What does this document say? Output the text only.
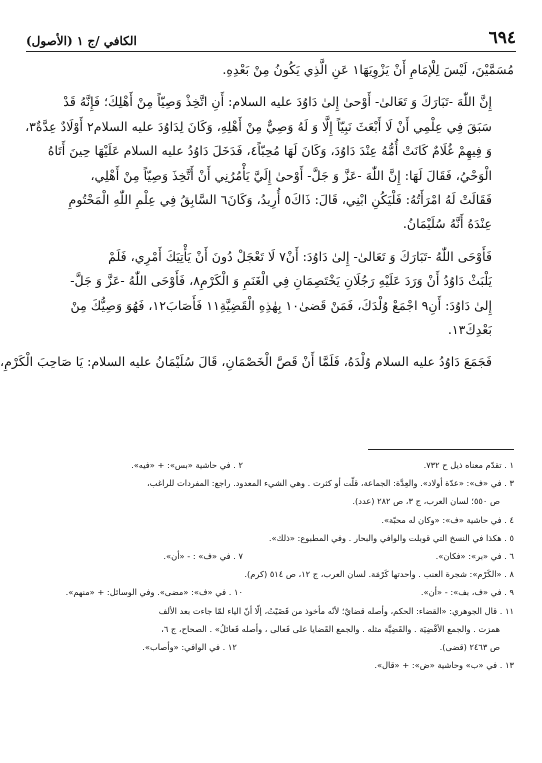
٦٩٤
الكافي /ج ١ (الأصول)

مُسَمَّيْنَ، لَيْسَ لِلْإمَامِ أَنْ يَزْوِيَهَا١ عَنِ الَّذِي يَكُونُ مِنْ بَعْدِهِ.

إِنَّ اللّٰهَ -تَبَارَكَ وَ تَعَالىٰ- أَوْحىٰ إِلىٰ دَاوُدَ عليه السلام: أَنِ اتَّخِذْ وَصِيّاً مِنْ أَهْلِكَ؛ فَإِنَّهُ قَدْ
سَبَقَ فِي عِلْمِي أَنْ لَا أَبْعَثَ نَبِيّاً إِلَّا وَ لَهُ وَصِيٌّ مِنْ أَهْلِهِ، وَكَانَ لِدَاوُدَ عليه السلام٢ أَوْلَادٌ عِدَّةٌ٣،
وَ فِيهِمْ غُلَامٌ كَانَتْ أُمُّهُ عِنْدَ دَاوُدَ، وَكَانَ لَهَا مُحِبّاً٤، فَدَخَلَ دَاوُدُ عليه السلام عَلَيْهَا حِينَ أَتَاهُ
الْوَحْيُ، فَقَالَ لَهَا: إِنَّ اللّٰهَ -عَزَّ وَ جَلَّ- أَوْحىٰ إِلَيَّ يَأْمُرُنِي أَنْ أَتَّخِذَ وَصِيّاً مِنْ أَهْلِي،
فَقَالَتْ لَهُ امْرَأَتُهُ: فَلْيَكُنِ ابْنِي، قَالَ: ذَاكَ٥ أُرِيدُ، وَكَانَ٦ السَّابِقُ فِي عِلْمِ اللّٰهِ الْمَحْتُومِ
عِنْدَهُ أَنَّهُ سُلَيْمَانُ.

فَأَوْحَى اللّٰهُ -تَبَارَكَ وَ تَعَالىٰ- إِلىٰ دَاوُدَ: أَنْ٧ لَا تَعْجَلْ دُونَ أَنْ يَأْتِيَكَ أَمْرِي، فَلَمْ
يَلْبَثْ دَاوُدُ أَنْ وَرَدَ عَلَيْهِ رَجُلَانِ يَخْتَصِمَانِ فِي الْغَنَمِ وَ الْكَرْمِ٨، فَأَوْحَى اللّٰهُ -عَزَّ وَ جَلَّ-
إِلىٰ دَاوُدَ: أَنِ٩ اجْمَعْ وُلْدَكَ، فَمَنْ قَضىٰ١٠ بِهٰذِهِ الْقَضِيَّةِ١١ فَأَصَابَ١٢، فَهُوَ وَصِيُّكَ مِنْ
بَعْدِكَ١٣.

فَجَمَعَ دَاوُدُ عليه السلام وُلْدَهُ، فَلَمَّا أَنْ قَصَّ الْخَصْمَانِ، قَالَ سُلَيْمَانُ عليه السلام: يَا صَاحِبَ الْكَرْمِ،

١ . تقدّم معناه ذيل ح ٧٣٢.
٢ . في حاشية «بس»: + «فيه».
٣ . في «ف»: «عدّة أولاد». والعِدَّة: الجماعة، قلّت أو كثرت . وهي الشيء المعدود. راجع: المفردات للراغب،
ص ٥٥٠؛ لسان العرب، ج ٣، ص ٢٨٢ (عدد).
٤ . في حاشية «ف»: «وكان له محبّة».
٥ . هكذا في النسخ التي قوبلت والوافي والبحار . وفي المطبوع: «ذلك».
٦ . في «بر»: «فكان».
٧ . في «ف» : - «أن».
٨ . «الكَرْم»: شجرة العنب . واحدتها كَرْمَة. لسان العرب، ج ١٢، ص ٥١٤ (كرم).
٩ . في «ف، بف»: - «أن».
١٠ . في «ف»: «مضى». وفي الوسائل: + «منهم».
١١ . قال الجوهري: «القضاء: الحكم، وأصله قضايٌ؛ لأنّه مأخوذ من قَضَيْتُ، إلّا أنّ الياء لمّا جاءت بعد الألف
همزت . والجمع الأقْضِيَة . والقَضِيَّة مثله . والجمع القَضايا على فَعالى ، وأصله فَعائلُ» . الصحاح، ج ٦،
ص ٢٤٦٣ (قضى).
١٢ . في الوافي: «وأصاب».
١٣ . في «ب» وحاشية «ض»: + «قال».
